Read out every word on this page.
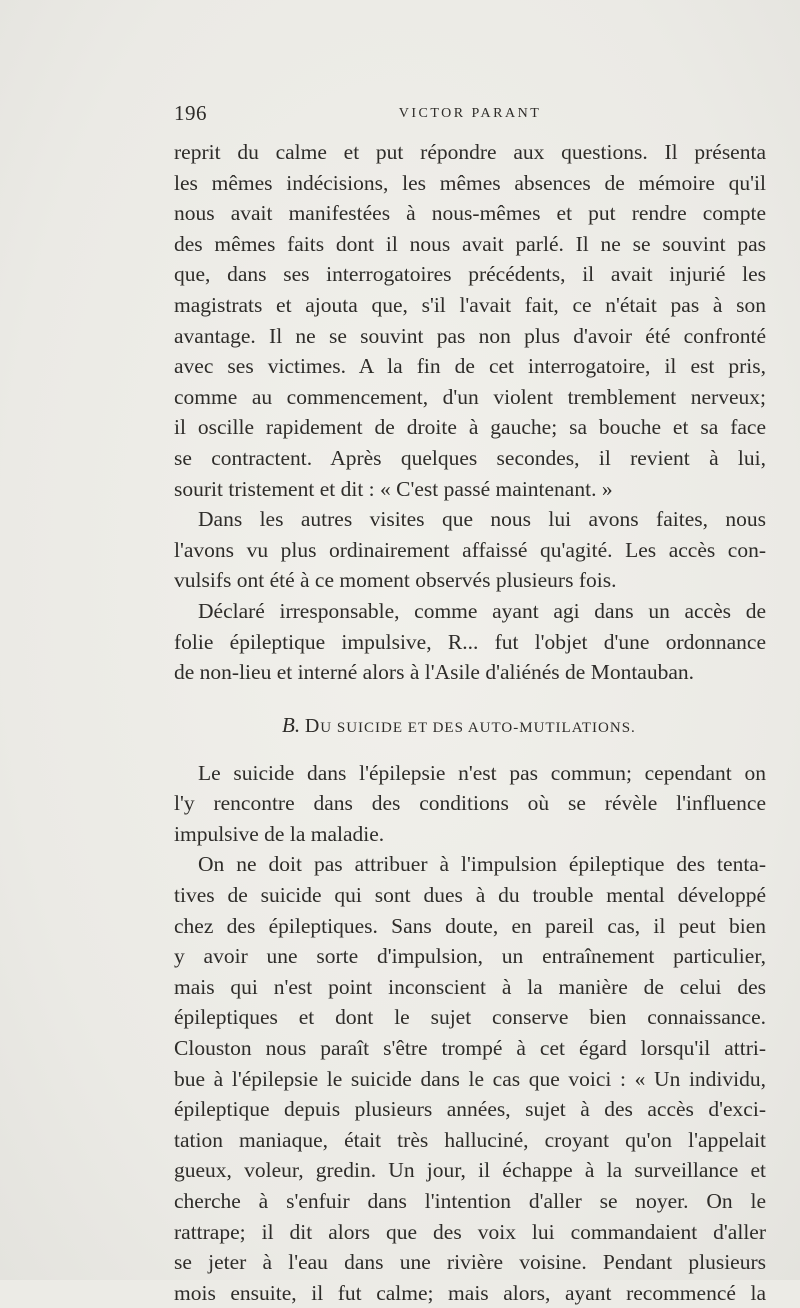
196	VICTOR PARANT
reprit du calme et put répondre aux questions. Il présenta
les mêmes indécisions, les mêmes absences de mémoire qu'il
nous avait manifestées à nous-mêmes et put rendre compte
des mêmes faits dont il nous avait parlé. Il ne se souvint pas
que, dans ses interrogatoires précédents, il avait injurié les
magistrats et ajouta que, s'il l'avait fait, ce n'était pas à son
avantage. Il ne se souvint pas non plus d'avoir été confronté
avec ses victimes. A la fin de cet interrogatoire, il est pris,
comme au commencement, d'un violent tremblement nerveux;
il oscille rapidement de droite à gauche; sa bouche et sa face
se contractent. Après quelques secondes, il revient à lui,
sourit tristement et dit : « C'est passé maintenant. »
Dans les autres visites que nous lui avons faites, nous
l'avons vu plus ordinairement affaissé qu'agité. Les accès con-
vulsifs ont été à ce moment observés plusieurs fois.
Déclaré irresponsable, comme ayant agi dans un accès de
folie épileptique impulsive, R... fut l'objet d'une ordonnance
de non-lieu et interné alors à l'Asile d'aliénés de Montauban.
B. DU SUICIDE ET DES AUTO-MUTILATIONS.
Le suicide dans l'épilepsie n'est pas commun; cependant on
l'y rencontre dans des conditions où se révèle l'influence
impulsive de la maladie.
On ne doit pas attribuer à l'impulsion épileptique des tenta-
tives de suicide qui sont dues à du trouble mental développé
chez des épileptiques. Sans doute, en pareil cas, il peut bien
y avoir une sorte d'impulsion, un entraînement particulier,
mais qui n'est point inconscient à la manière de celui des
épileptiques et dont le sujet conserve bien connaissance.
Clouston nous paraît s'être trompé à cet égard lorsqu'il attri-
bue à l'épilepsie le suicide dans le cas que voici : « Un individu,
épileptique depuis plusieurs années, sujet à des accès d'exci-
tation maniaque, était très halluciné, croyant qu'on l'appelait
gueux, voleur, gredin. Un jour, il échappe à la surveillance et
cherche à s'enfuir dans l'intention d'aller se noyer. On le
rattrape; il dit alors que des voix lui commandaient d'aller
se jeter à l'eau dans une rivière voisine. Pendant plusieurs
mois ensuite, il fut calme; mais alors, ayant recommencé la
